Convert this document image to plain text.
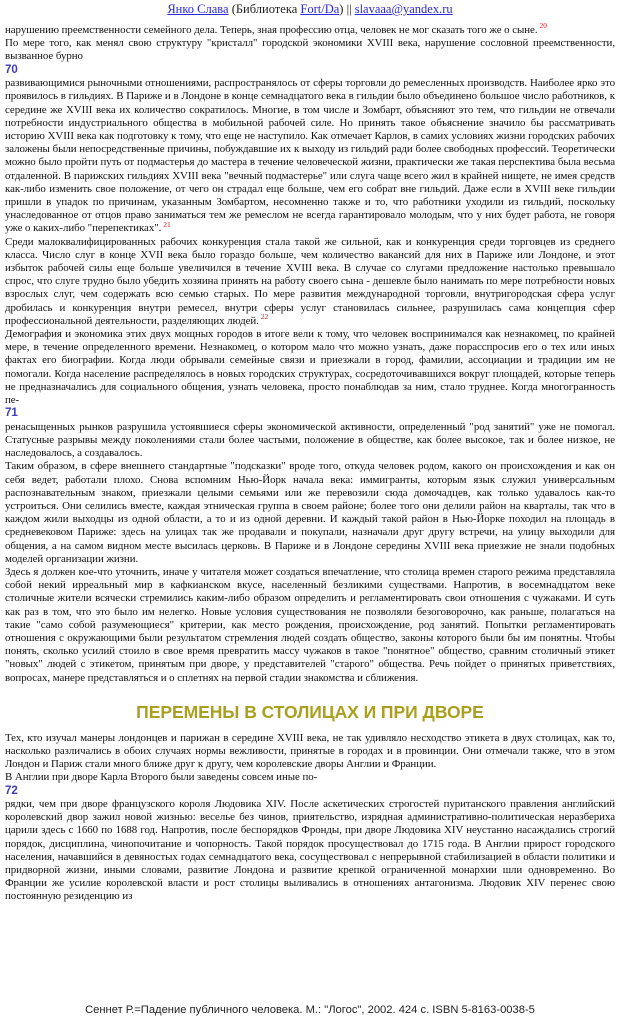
Янко Слава (Библиотека Fort/Da) || slavaaa@yandex.ru

нарушению преемственности семейного дела. Теперь, зная профессию отца, человек не мог сказать того же о сыне. $^{20}$

По мере того, как менял свою структуру "кристалл" городской экономики XVIII века, нарушение сословной преемственности, вызванное бурно

70

развивающимися рыночными отношениями, распространялось от сферы торговли до ремесленных производств. Наиболее ярко это проявилось в гильдиях. В Париже и в Лондоне в конце семнадцатого века в гильдии было объединено большое число работников, к середине же XVIII века их количество сократилось. Многие, в том числе и Зомбарт, объясняют это тем, что гильдии не отвечали потребности индустриального общества в мобильной рабочей силе. Но принять такое объяснение значило бы рассматривать историю XVIII века как подготовку к тому, что еще не наступило. Как отмечает Карлов, в самих условиях жизни городских рабочих заложены были непосредственные причины, побуждавшие их к выходу из гильдий ради более свободных профессий. Теоретически можно было пройти путь от подмастерья до мастера в течение человеческой жизни, практически же такая перспектива была весьма отдаленной. В парижских гильдиях XVIII века "вечный подмастерье" или слуга чаще всего жил в крайней нищете, не имея средств как-либо изменить свое положение, от чего он страдал еще больше, чем его собрат вне гильдий. Даже если в XVIII веке гильдии пришли в упадок по причинам, указанным Зомбартом, несомненно также и то, что работники уходили из гильдий, поскольку унаследованное от отцов право заниматься тем же ремеслом не всегда гарантировало молодым, что у них будет работа, не говоря уже о каких-либо "перепектиках". $^{21}$

Среди малоквалифицированных рабочих конкуренция стала такой же сильной, как и конкуренция среди торговцев из среднего класса. Число слуг в конце XVII века было гораздо больше, чем количество вакансий для них в Париже или Лондоне, и этот избыток рабочей силы еще больше увеличился в течение XVIII века. В случае со слугами предложение настолько превышало спрос, что слуге трудно было убедить хозяина принять на работу своего сына - дешевле было нанимать по мере потребности новых взрослых слуг, чем содержать всю семью старых. По мере развития международной торговли, внутригородская сфера услуг дробилась и конкуренция внутри ремесел, внутри сферы услуг становилась сильнее, разрушилась сама концепция сфер профессиональной деятельности, разделяющих людей. $^{22}$

Демография и экономика этих двух мощных городов в итоге вели к тому, что человек воспринимался как незнакомец, по крайней мере, в течение определенного времени. Незнакомец, о котором мало что можно узнать, даже порасспросив его о тех или иных фактах его биографии. Когда люди обрывали семейные связи и приезжали в город, фамилии, ассоциации и традиции им не помогали. Когда население распределялось в новых городских структурах, сосредоточивавшихся вокруг площадей, которые теперь не предназначались для социального общения, узнать человека, просто понаблюдав за ним, стало труднее. Когда многогранность пе-

71

ренасыщенных рынков разрушила устоявшиеся сферы экономической активности, определенный "род занятий" уже не помогал. Статусные разрывы между поколениями стали более частыми, положение в обществе, как более высокое, так и более низкое, не наследовалось, а создавалось.

Таким образом, в сфере внешнего стандартные "подсказки" вроде того, откуда человек родом, какого он происхождения и как он себя ведет, работали плохо. Снова вспомним Нью-Йорк начала века: иммигранты, которым язык служил универсальным распознавательным знаком, приезжали целыми семьями или же перевозили сюда домочадцев, как только удавалось как-то устроиться. Они селились вместе, каждая этническая группа в своем районе; более того они делили район на кварталы, так что в каждом жили выходцы из одной области, а то и из одной деревни. И каждый такой район в Нью-Йорке походил на площадь в средневековом Париже: здесь на улицах так же продавали и покупали, назначали друг другу встречи, на улицу выходили для общения, а на самом видном месте высилась церковь. В Париже и в Лондоне середины XVIII века приезжие не знали подобных моделей организации жизни.

Здесь я должен кое-что уточнить, иначе у читателя может создаться впечатление, что столица времен старого режима представляла собой некий ирреальный мир в кафкианском вкусе, населенный безликими существами. Напротив, в восемнадцатом веке столичные жители всячески стремились каким-либо образом определить и регламентировать свои отношения с чужаками. И суть как раз в том, что это было им нелегко. Новые условия существования не позволяли безоговорочно, как раньше, полагаться на такие "само собой разумеющиеся" критерии, как место рождения, происхождение, род занятий. Попытки регламентировать отношения с окружающими были результатом стремления людей создать общество, законы которого были бы им понятны. Чтобы понять, сколько усилий стоило в свое время превратить массу чужаков в такое "понятное" общество, сравним столичный этикет "новых" людей с этикетом, принятым при дворе, у представителей "старого" общества. Речь пойдет о принятых приветствиях, вопросах, манере представляться и о сплетнях на первой стадии знакомства и сближения.

ПЕРЕМЕНЫ В СТОЛИЦАХ И ПРИ ДВОРЕ

Тех, кто изучал манеры лондонцев и парижан в середине XVIII века, не так удивляло несходство этикета в двух столицах, как то, насколько различались в обоих случаях нормы вежливости, принятые в городах и в провинции. Они отмечали также, что в этом Лондон и Париж стали много ближе друг к другу, чем королевские дворы Англии и Франции.

В Англии при дворе Карла Второго были заведены совсем иные по-

72

рядки, чем при дворе французского короля Людовика XIV. После аскетических строгостей пуританского правления английский королевский двор зажил новой жизнью: веселье без чинов, приятельство, изрядная административно-политическая неразбериха царили здесь с 1660 по 1688 год. Напротив, после беспорядков Фронды, при дворе Людовика XIV неустанно насаждались строгий порядок, дисциплина, чинопочитание и чопорность. Такой порядок просуществовал до 1715 года. В Англии прирост городского населения, начавшийся в девяностых годах семнадцатого века, сосуществовал с непрерывной стабилизацией в области политики и придворной жизни, иными словами, развитие Лондона и развитие крепкой ограниченной монархии шли одновременно. Во Франции же усилие королевской власти и рост столицы выливались в отношениях антагонизма. Людовик XIV перенес свою постоянную резиденцию из

Сеннет Р.=Падение публичного человека. М.: "Логос", 2002. 424 с. ISBN 5-8163-0038-5
